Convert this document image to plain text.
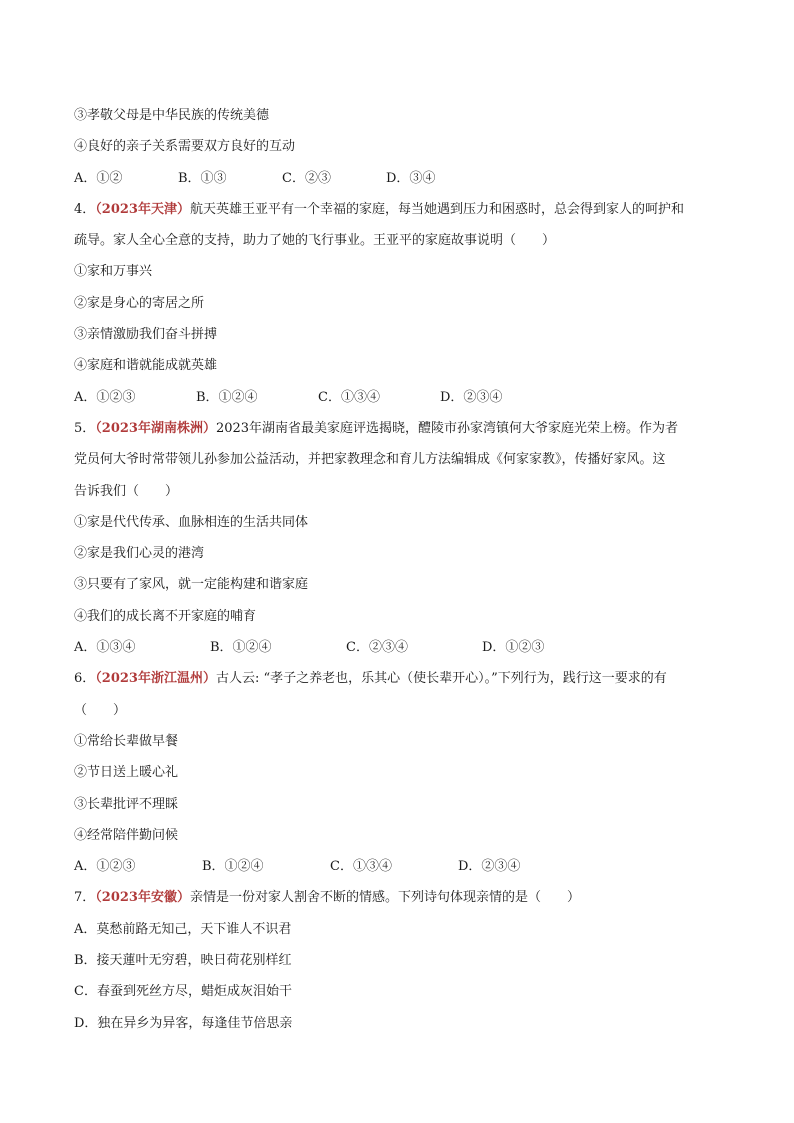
③孝敬父母是中华民族的传统美德
④良好的亲子关系需要双方良好的互动
A．①②	B．①③	C．②③	D．③④
4．（2023年天津）航天英雄王亚平有一个幸福的家庭，每当她遇到压力和困惑时，总会得到家人的呵护和
疏导。家人全心全意的支持，助力了她的飞行事业。王亚平的家庭故事说明（　　）
①家和万事兴
②家是身心的寄居之所
③亲情激励我们奋斗拼搏
④家庭和谐就能成就英雄
A．①②③	B．①②④	C．①③④	D．②③④
5．（2023年湖南株洲）2023年湖南省最美家庭评选揭晓，醴陵市孙家湾镇何大爷家庭光荣上榜。作为者
党员何大爷时常带领儿孙参加公益活动，并把家教理念和育儿方法编辑成《何家家教》，传播好家风。这
告诉我们（　　）
①家是代代传承、血脉相连的生活共同体
②家是我们心灵的港湾
③只要有了家风，就一定能构建和谐家庭
④我们的成长离不开家庭的哺育
A．①③④	B．①②④	C．②③④	D．①②③
6．（2023年浙江温州）古人云: “孝子之养老也，乐其心（使长辈开心）。”下列行为，践行这一要求的有
（　　）
①常给长辈做早餐
②节日送上暖心礼
③长辈批评不理睬
④经常陪伴勤问候
A．①②③	B．①②④	C．①③④	D．②③④
7．（2023年安徽）亲情是一份对家人割舍不断的情感。下列诗句体现亲情的是（　　）
A．莫愁前路无知己，天下谁人不识君
B．接天蓮叶无穷碧，映日荷花别样红
C．春蚕到死丝方尽，蜡炬成灰泪始干
D．独在异乡为异客，每逢佳节倍思亲
